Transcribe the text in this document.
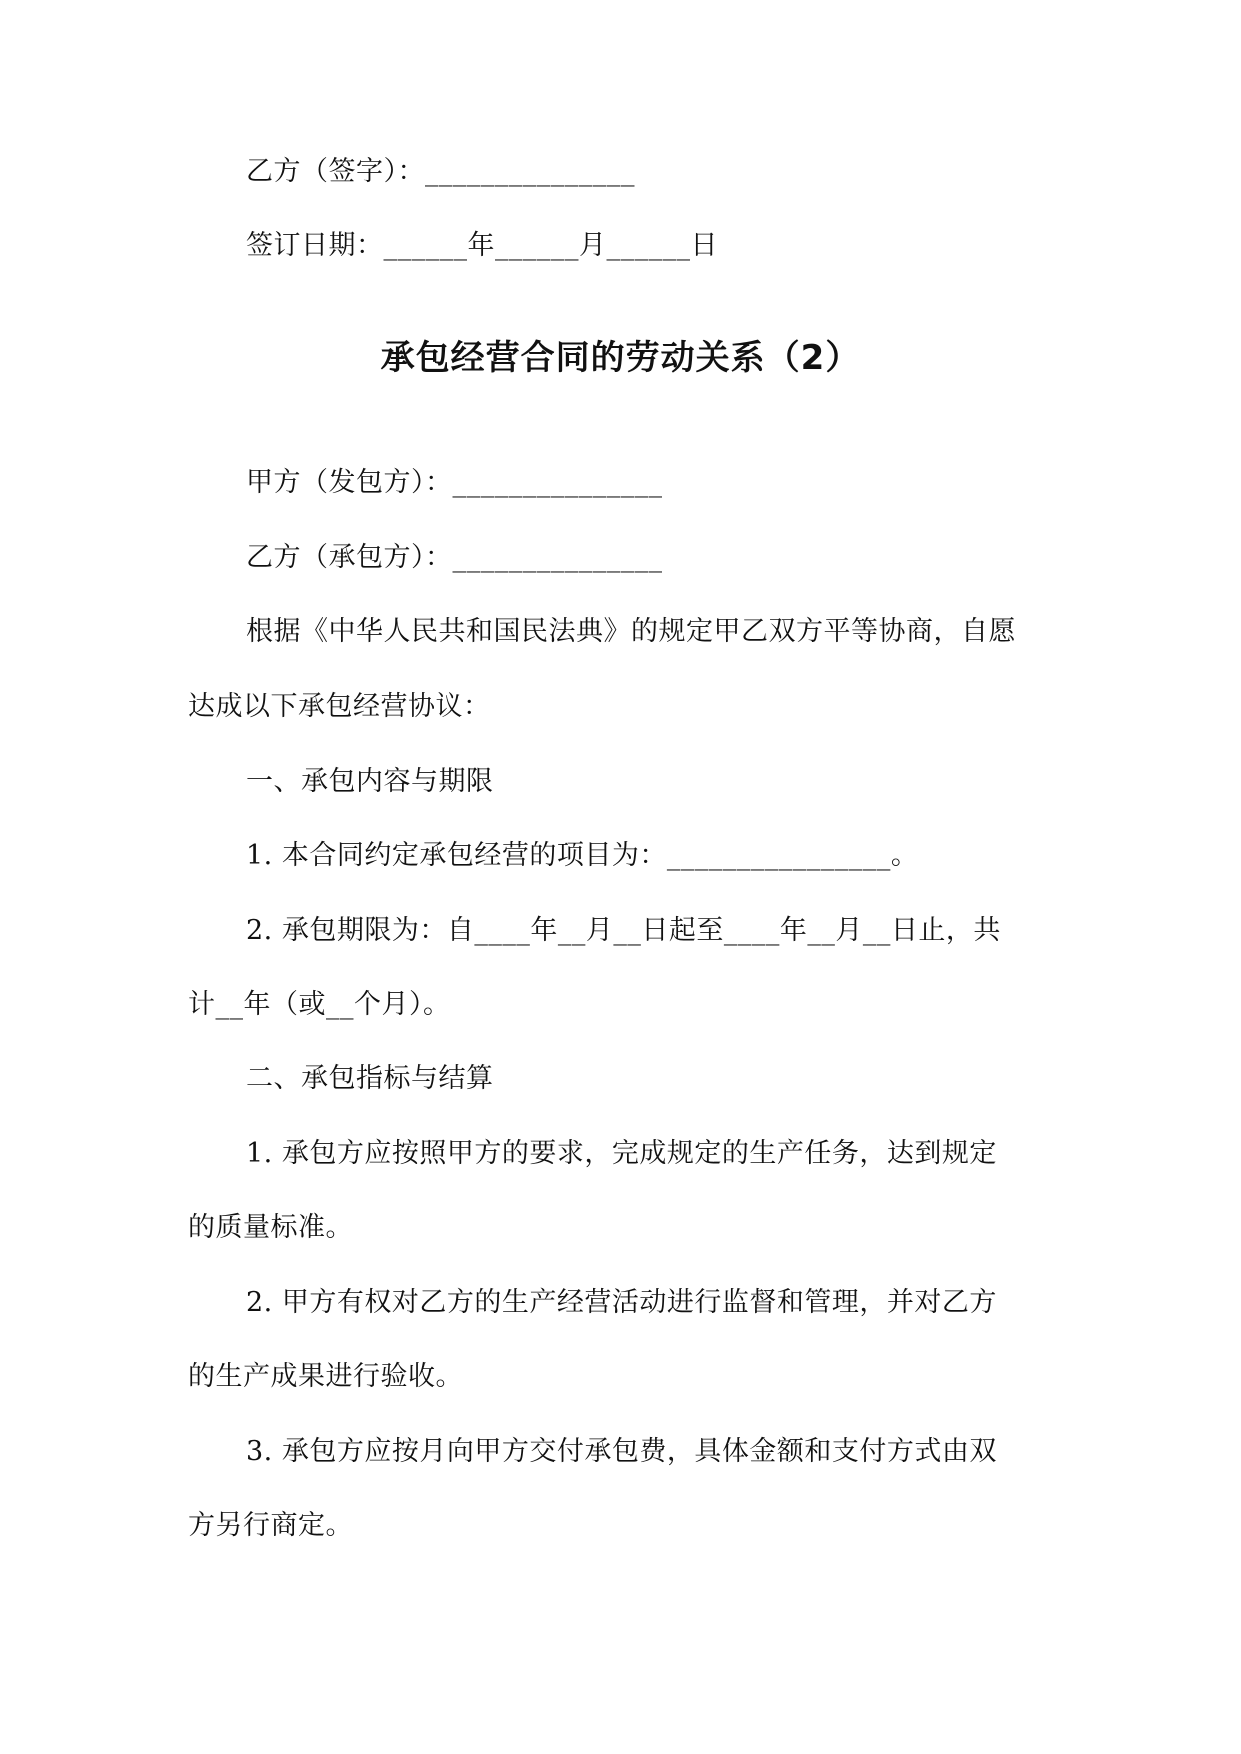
乙方（签字）：_______________
签订日期：______年______月______日
承包经营合同的劳动关系（2）
甲方（发包方）：_______________
乙方（承包方）：_______________
根据《中华人民共和国民法典》的规定甲乙双方平等协商，自愿
达成以下承包经营协议：
一、承包内容与期限
1. 本合同约定承包经营的项目为：________________。
2. 承包期限为：自____年__月__日起至____年__月__日止，共
计__年（或__个月）。
二、承包指标与结算
1. 承包方应按照甲方的要求，完成规定的生产任务，达到规定
的质量标准。
2. 甲方有权对乙方的生产经营活动进行监督和管理，并对乙方
的生产成果进行验收。
3. 承包方应按月向甲方交付承包费，具体金额和支付方式由双
方另行商定。
